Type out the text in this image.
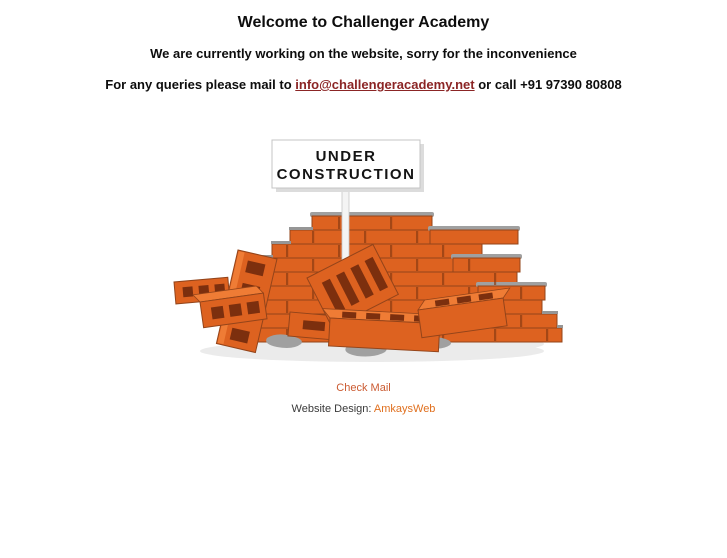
Welcome to Challenger Academy

We are currently working on the website, sorry for the inconvenience

For any queries please mail to info@challengeracademy.net or call +91 97390 80808

UNDER
CONSTRUCTION

Check Mail

Website Design: AmkaysWeb
